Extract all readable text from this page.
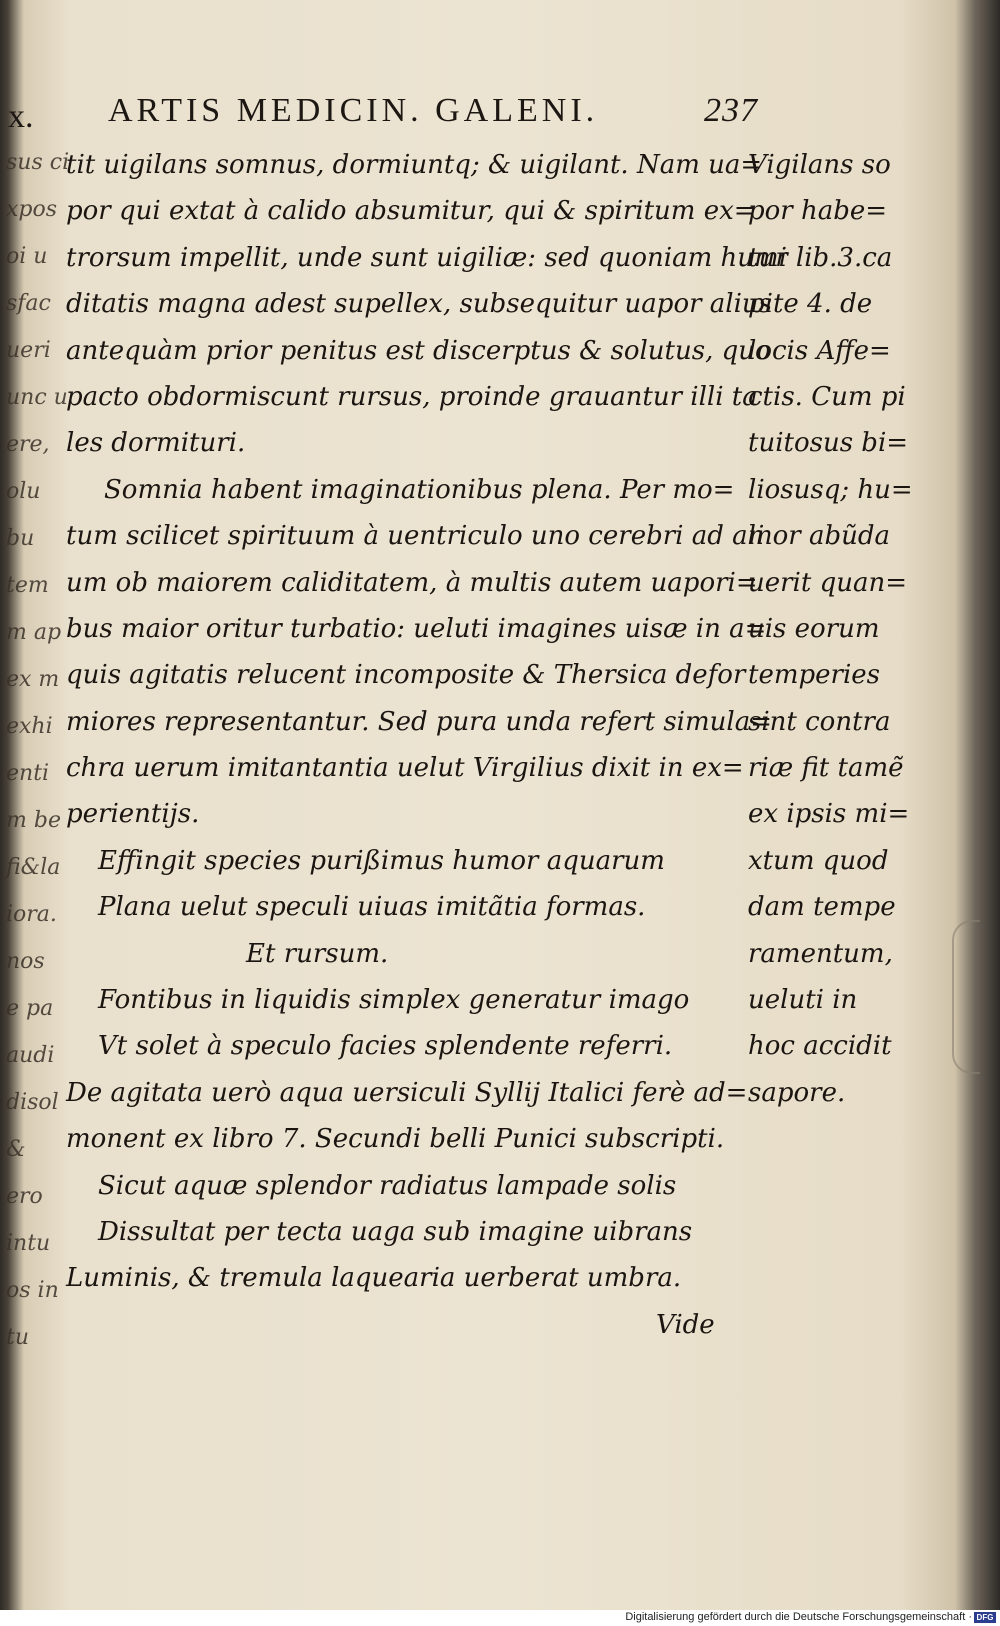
sus ci
xpos
oi u
sfac
ueri
unc u
ere,
olu
bu
tem
m ap
ex m
exhi
enti
m be
fi&la
iora.
nos
e pa
audi
disol
&
ero
intu
os in
tu
x. ARTIS MEDICIN. GALENI.	237
tit uigilans somnus, dormiuntq; & uigilant. Nam ua=
por qui extat à calido absumitur, qui & spiritum ex=
trorsum impellit, unde sunt uigiliæ: sed quoniam humi
ditatis magna adest supellex, subsequitur uapor alius
antequàm prior penitus est discerptus & solutus, quo
pacto obdormiscunt rursus, proinde grauantur illi ta
les dormituri.
Somnia habent imaginationibus plena. Per mo=
tum scilicet spirituum à uentriculo uno cerebri ad ali
um ob maiorem caliditatem, à multis autem uapori=
bus maior oritur turbatio: ueluti imagines uisæ in a=
quis agitatis relucent incomposite & Thersica defor
miores representantur. Sed pura unda refert simula=
chra uerum imitantantia uelut Virgilius dixit in ex=
perientijs.
Effingit species purißimus humor aquarum
Plana uelut speculi uiuas imitãtia formas.
Et rursum.
Fontibus in liquidis simplex generatur imago
Vt solet à speculo facies splendente referri.
De agitata uerò aqua uersiculi Syllij Italici ferè ad=
monent ex libro 7. Secundi belli Punici subscripti.
Sicut aquæ splendor radiatus lampade solis
Dissultat per tecta uaga sub imagine uibrans
Luminis, & tremula laquearia uerberat umbra.
Vide
Vigilans so
por habe=
tur lib.3.ca
pite 4. de
locis Affe=
ctis. Cum pi
tuitosus bi=
liosusq; hu=
mor abũda
uerit quan=
uis eorum
temperies
sint contra
riæ fit tamẽ
ex ipsis mi=
xtum quod
dam tempe
ramentum,
ueluti in
hoc accidit
sapore.
Digitalisierung gefördert durch die Deutsche Forschungsgemeinschaft · DFG
